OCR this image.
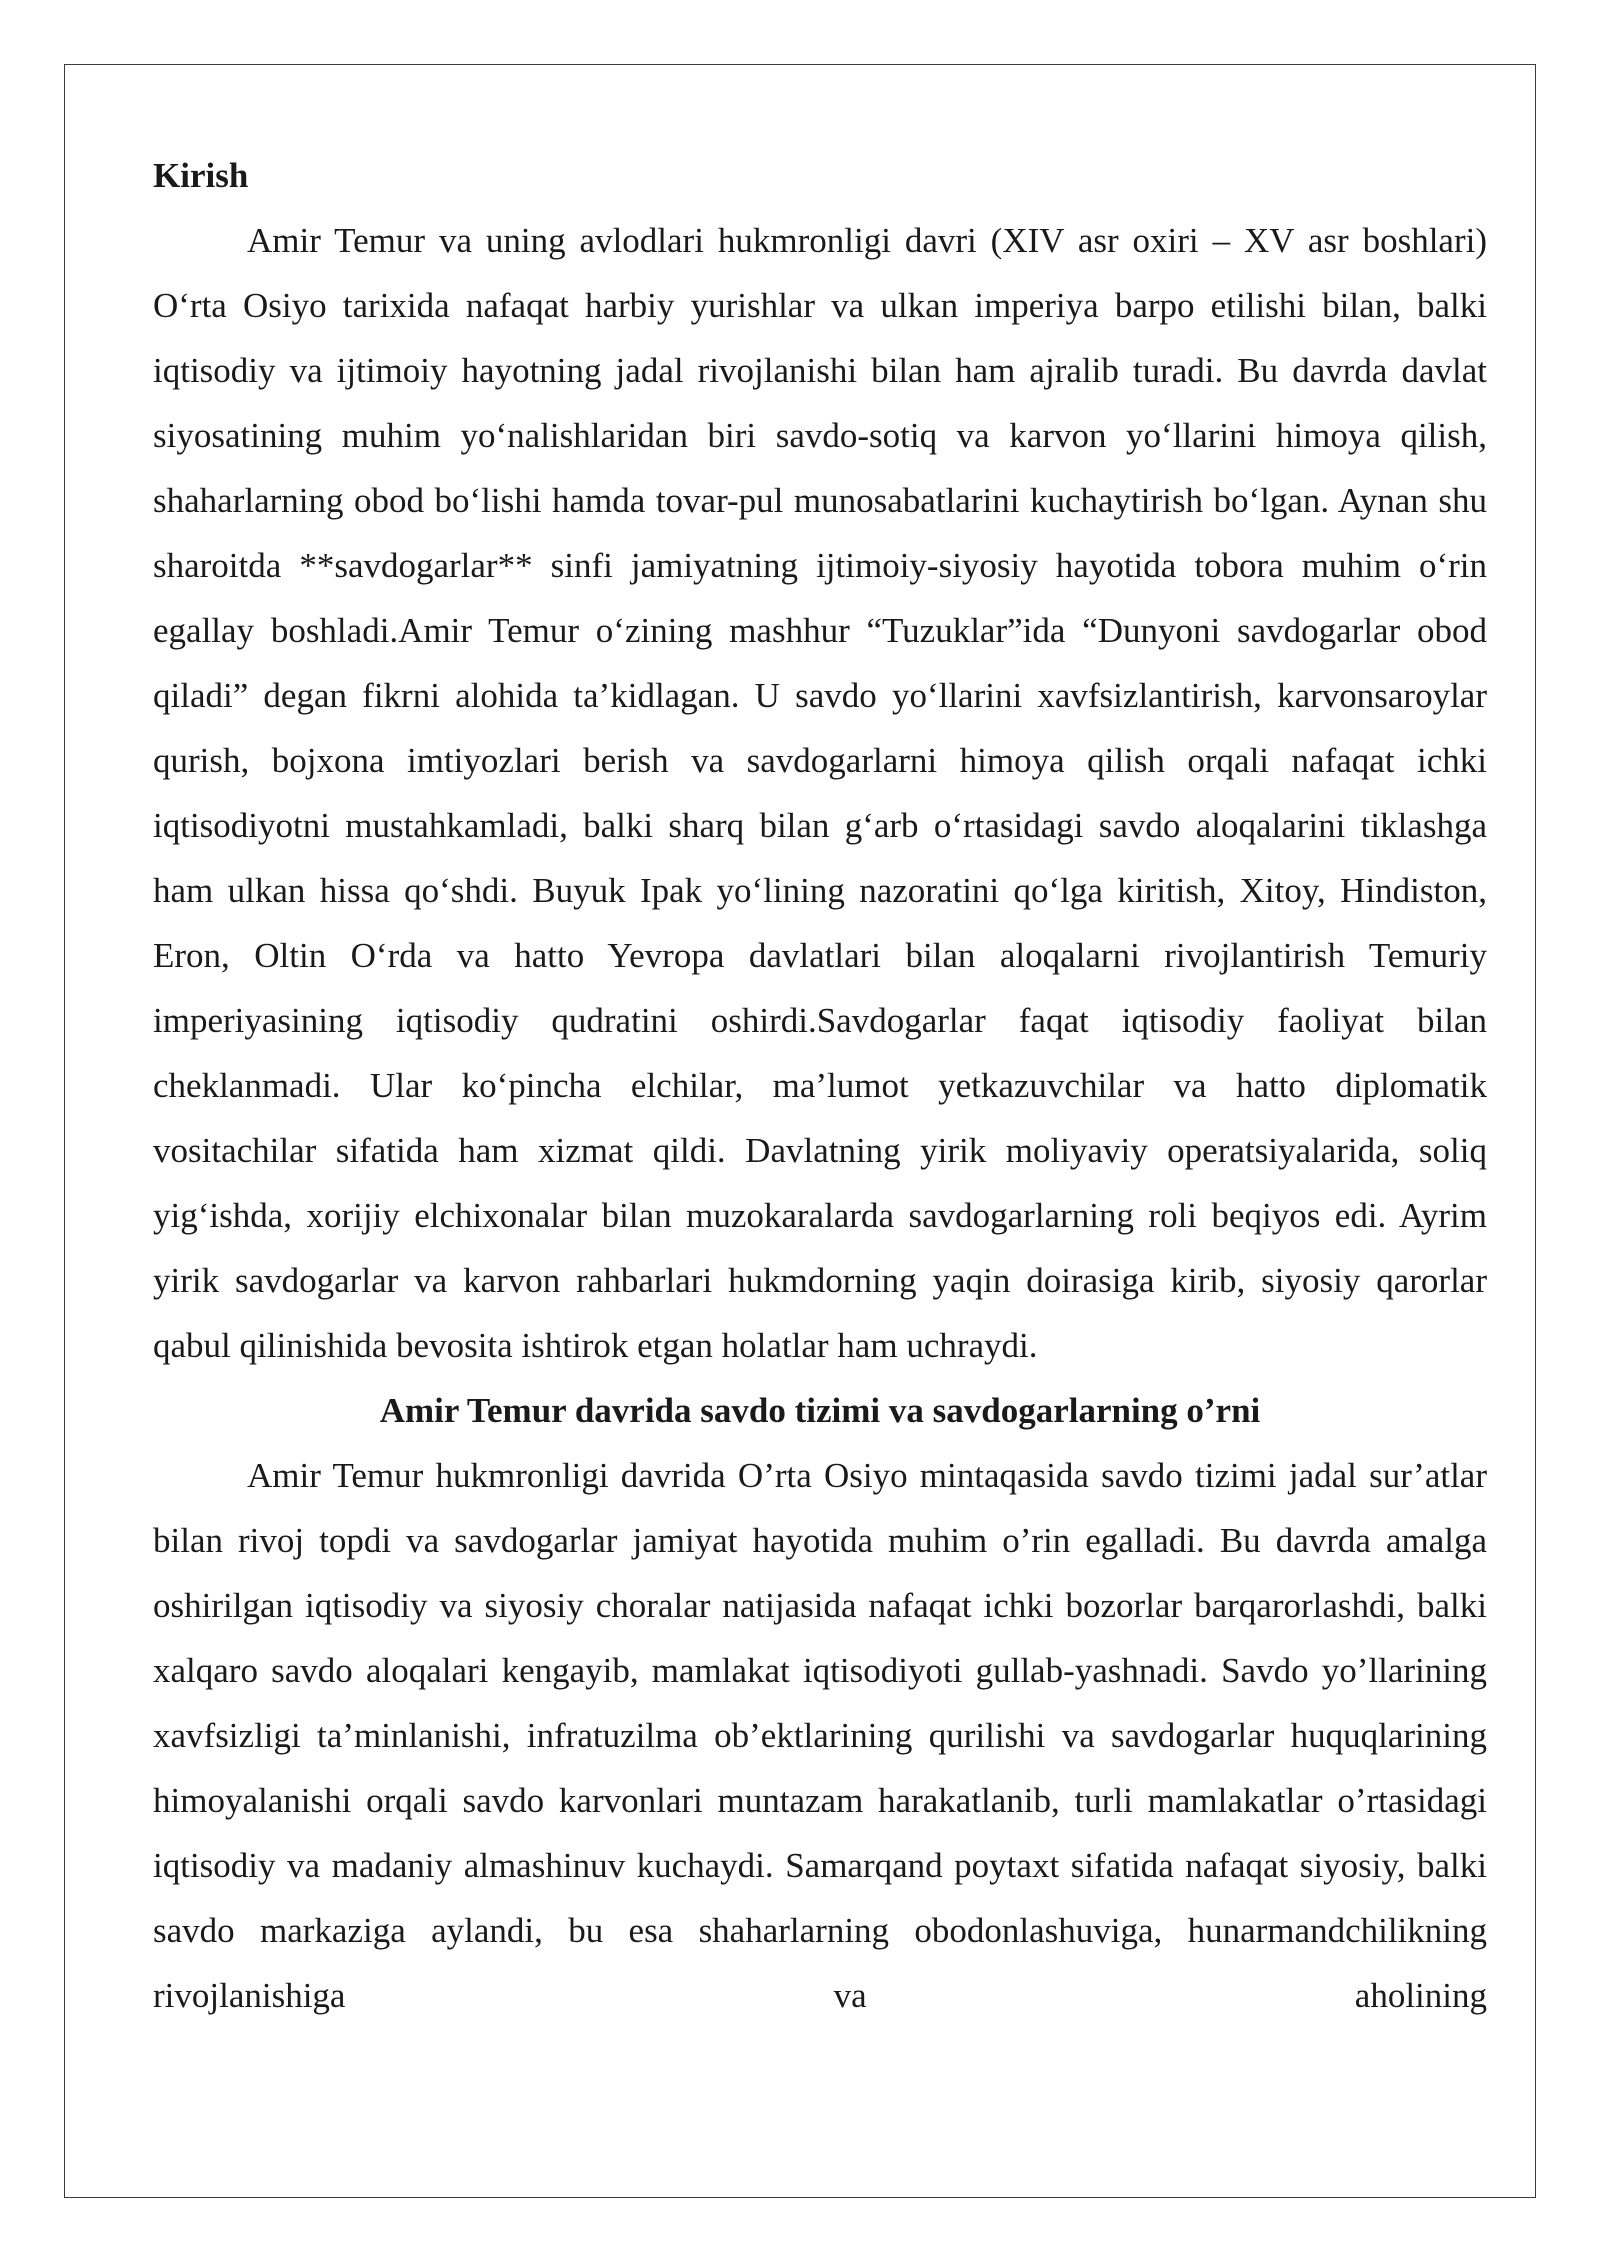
Kirish

Amir Temur va uning avlodlari hukmronligi davri (XIV asr oxiri – XV asr boshlari) O‘rta Osiyo tarixida nafaqat harbiy yurishlar va ulkan imperiya barpo etilishi bilan, balki iqtisodiy va ijtimoiy hayotning jadal rivojlanishi bilan ham ajralib turadi. Bu davrda davlat siyosatining muhim yo‘nalishlaridan biri savdo-sotiq va karvon yo‘llarini himoya qilish, shaharlarning obod bo‘lishi hamda tovar-pul munosabatlarini kuchaytirish bo‘lgan. Aynan shu sharoitda **savdogarlar** sinfi jamiyatning ijtimoiy-siyosiy hayotida tobora muhim o‘rin egallay boshladi.Amir Temur o‘zining mashhur “Tuzuklar”ida “Dunyoni savdogarlar obod qiladi” degan fikrni alohida ta’kidlagan. U savdo yo‘llarini xavfsizlantirish, karvonsaroylar qurish, bojxona imtiyozlari berish va savdogarlarni himoya qilish orqali nafaqat ichki iqtisodiyotni mustahkamladi, balki sharq bilan g‘arb o‘rtasidagi savdo aloqalarini tiklashga ham ulkan hissa qo‘shdi. Buyuk Ipak yo‘lining nazoratini qo‘lga kiritish, Xitoy, Hindiston, Eron, Oltin O‘rda va hatto Yevropa davlatlari bilan aloqalarni rivojlantirish Temuriy imperiyasining iqtisodiy qudratini oshirdi.Savdogarlar faqat iqtisodiy faoliyat bilan cheklanmadi. Ular ko‘pincha elchilar, ma’lumot yetkazuvchilar va hatto diplomatik vositachilar sifatida ham xizmat qildi. Davlatning yirik moliyaviy operatsiyalarida, soliq yig‘ishda, xorijiy elchixonalar bilan muzokaralarda savdogarlarning roli beqiyos edi. Ayrim yirik savdogarlar va karvon rahbarlari hukmdorning yaqin doirasiga kirib, siyosiy qarorlar qabul qilinishida bevosita ishtirok etgan holatlar ham uchraydi.

Amir Temur davrida savdo tizimi va savdogarlarning o’rni

Amir Temur hukmronligi davrida O’rta Osiyo mintaqasida savdo tizimi jadal sur’atlar bilan rivoj topdi va savdogarlar jamiyat hayotida muhim o’rin egalladi. Bu davrda amalga oshirilgan iqtisodiy va siyosiy choralar natijasida nafaqat ichki bozorlar barqarorlashdi, balki xalqaro savdo aloqalari kengayib, mamlakat iqtisodiyoti gullab-yashnadi. Savdo yo’llarining xavfsizligi ta’minlanishi, infratuzilma ob’ektlarining qurilishi va savdogarlar huquqlarining himoyalanishi orqali savdo karvonlari muntazam harakatlanib, turli mamlakatlar o’rtasidagi iqtisodiy va madaniy almashinuv kuchaydi. Samarqand poytaxt sifatida nafaqat siyosiy, balki savdo markaziga aylandi, bu esa shaharlarning obodonlashuviga, hunarmandchilikning rivojlanishiga va aholining
